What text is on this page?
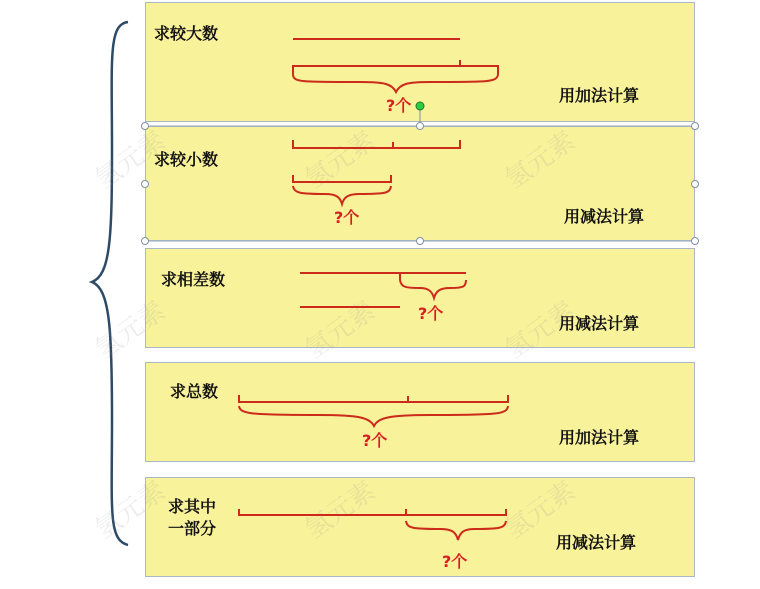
求较大数
用加法计算
?个
求较小数
用减法计算
?个
求相差数
用减法计算
?个
求总数
用加法计算
?个
求其中
一部分
用减法计算
?个
氢元素
氢元素
氢元素
